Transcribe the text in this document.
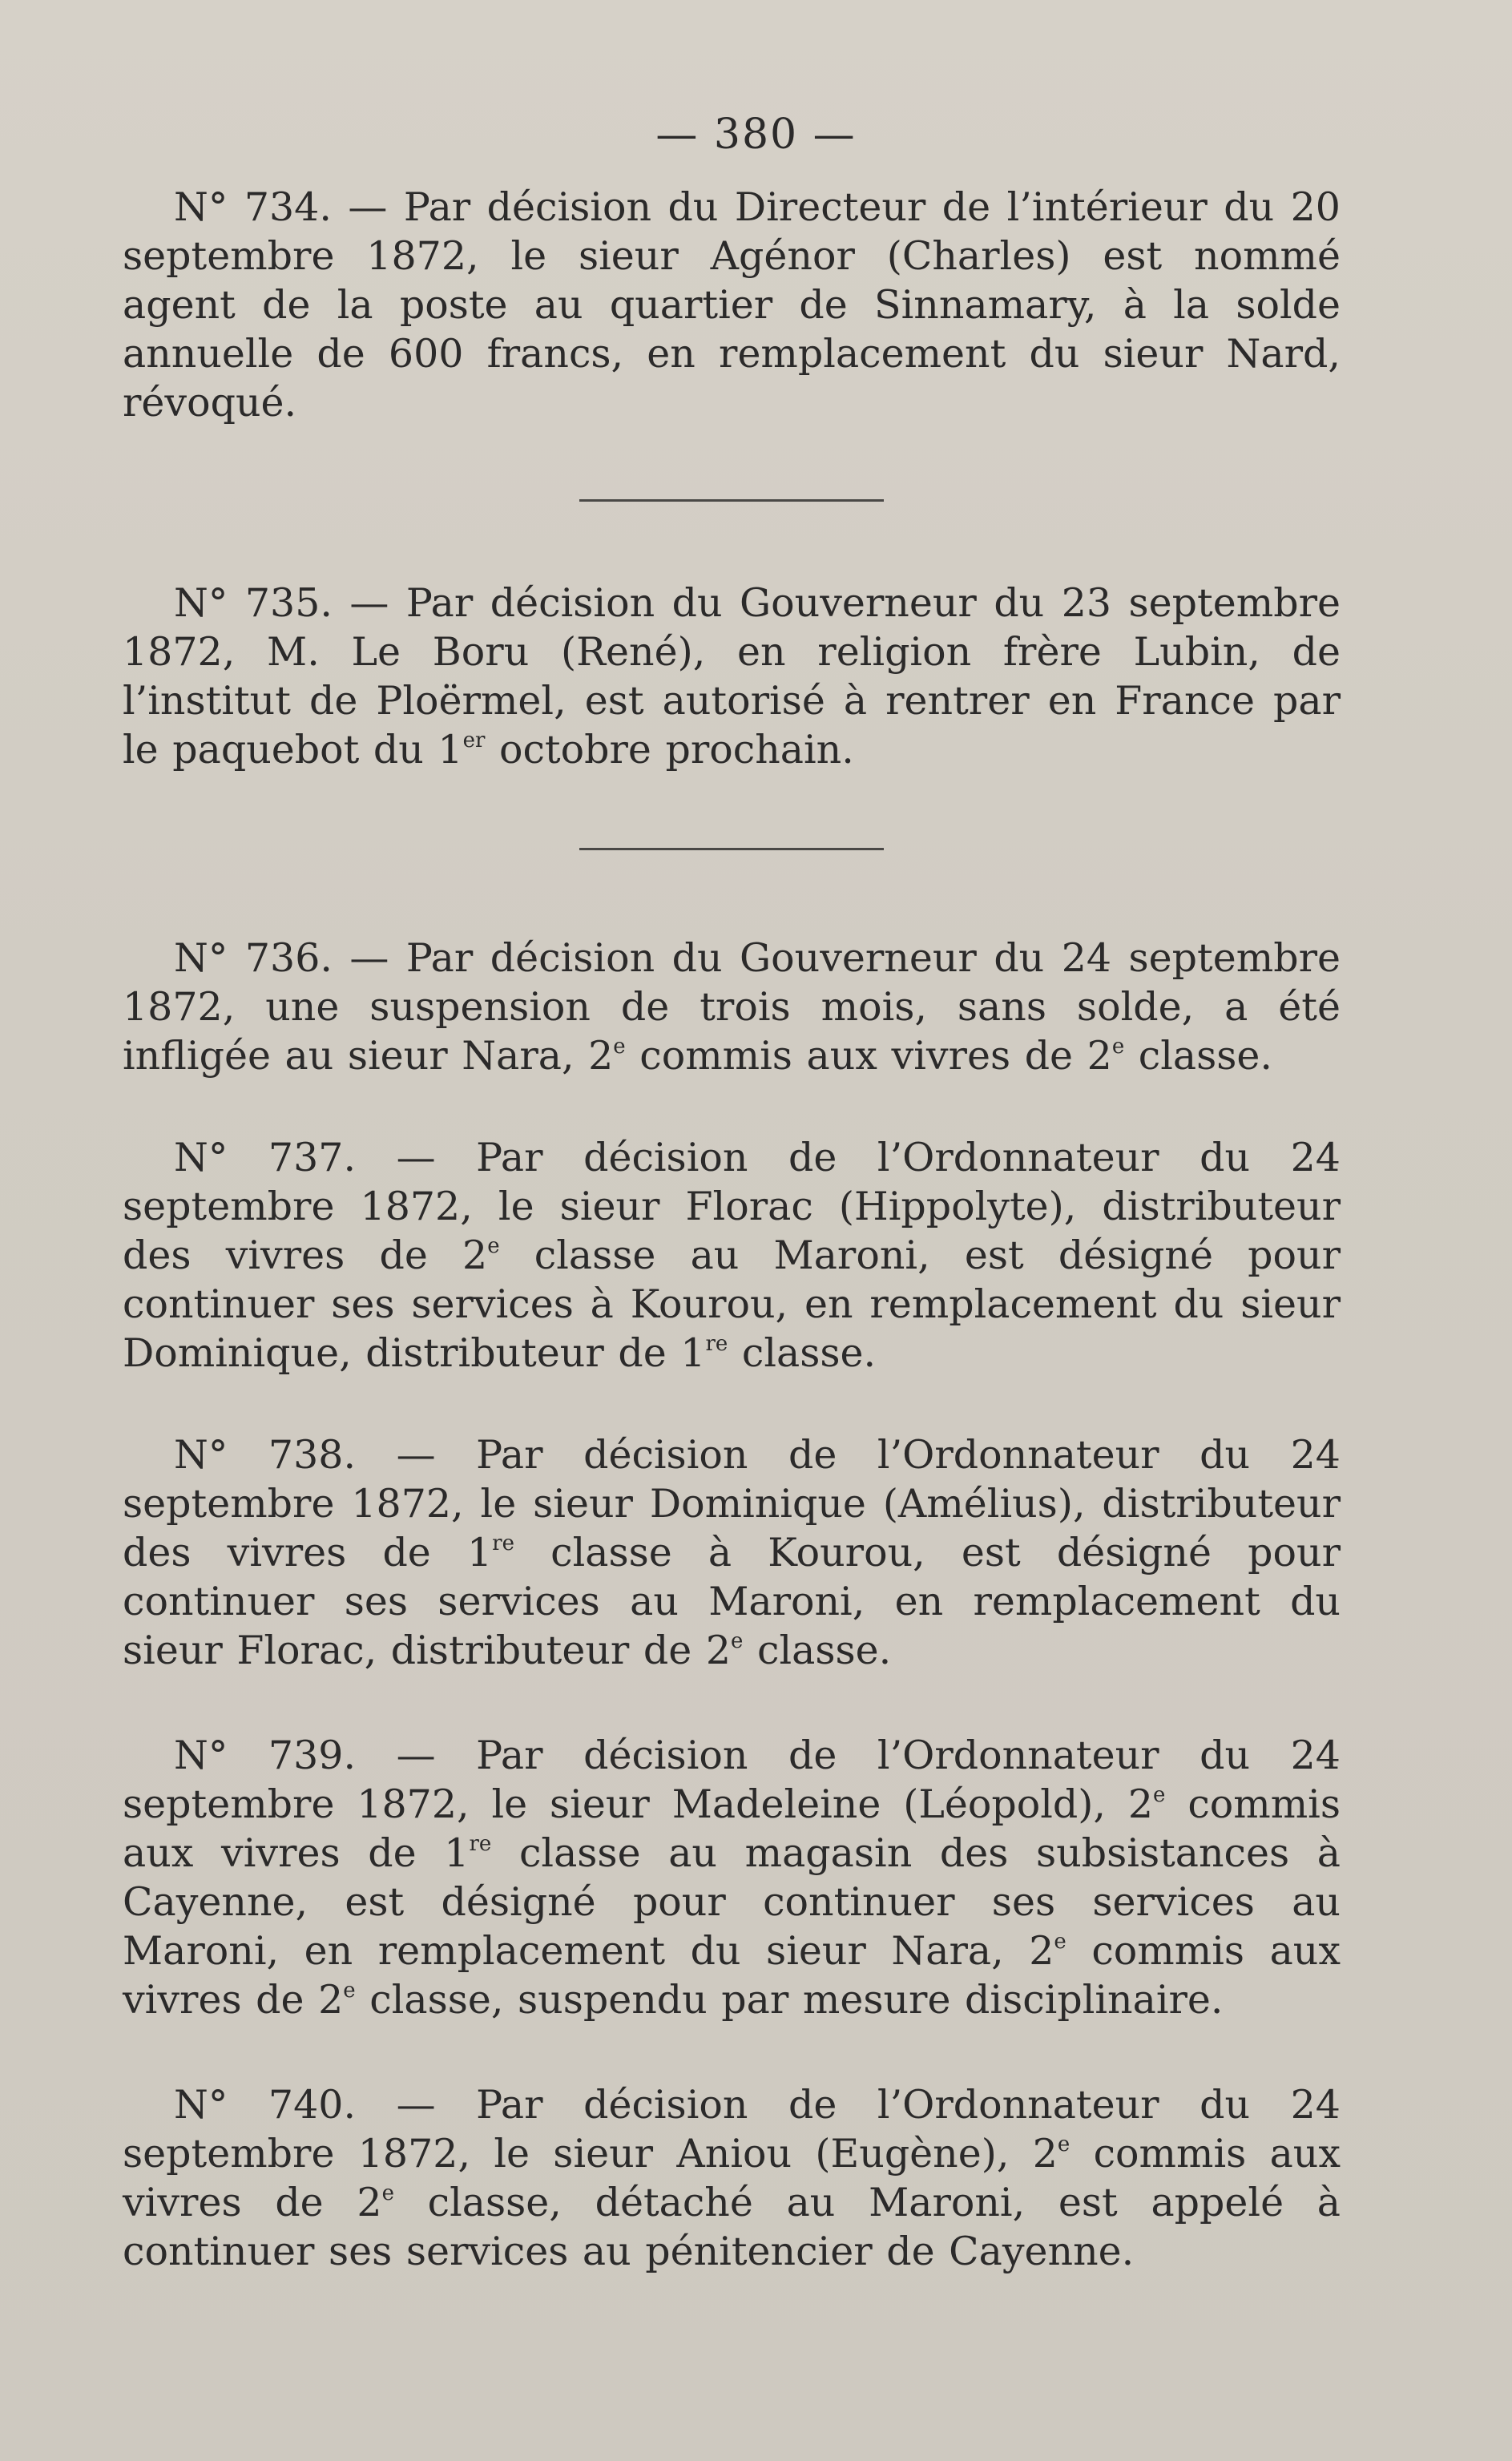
— 380 —

N° 734. — Par décision du Directeur de l’intérieur du 20 septembre 1872, le sieur Agénor (Charles) est nommé agent de la poste au quartier de Sinnamary, à la solde annuelle de 600 francs, en remplacement du sieur Nard, révoqué.

N° 735. — Par décision du Gouverneur du 23 septembre 1872, M. Le Boru (René), en religion frère Lubin, de l’institut de Ploërmel, est autorisé à rentrer en France par le paquebot du 1er octobre prochain.

N° 736. — Par décision du Gouverneur du 24 septembre 1872, une suspension de trois mois, sans solde, a été infligée au sieur Nara, 2e commis aux vivres de 2e classe.

N° 737. — Par décision de l’Ordonnateur du 24 septembre 1872, le sieur Florac (Hippolyte), distributeur des vivres de 2e classe au Maroni, est désigné pour continuer ses services à Kourou, en remplacement du sieur Dominique, distributeur de 1re classe.

N° 738. — Par décision de l’Ordonnateur du 24 septembre 1872, le sieur Dominique (Amélius), distributeur des vivres de 1re classe à Kourou, est désigné pour continuer ses services au Maroni, en remplacement du sieur Florac, distributeur de 2e classe.

N° 739. — Par décision de l’Ordonnateur du 24 septembre 1872, le sieur Madeleine (Léopold), 2e commis aux vivres de 1re classe au magasin des subsistances à Cayenne, est désigné pour continuer ses services au Maroni, en remplacement du sieur Nara, 2e commis aux vivres de 2e classe, suspendu par mesure disciplinaire.

N° 740. — Par décision de l’Ordonnateur du 24 septembre 1872, le sieur Aniou (Eugène), 2e commis aux vivres de 2e classe, détaché au Maroni, est appelé à continuer ses services au pénitencier de Cayenne.
